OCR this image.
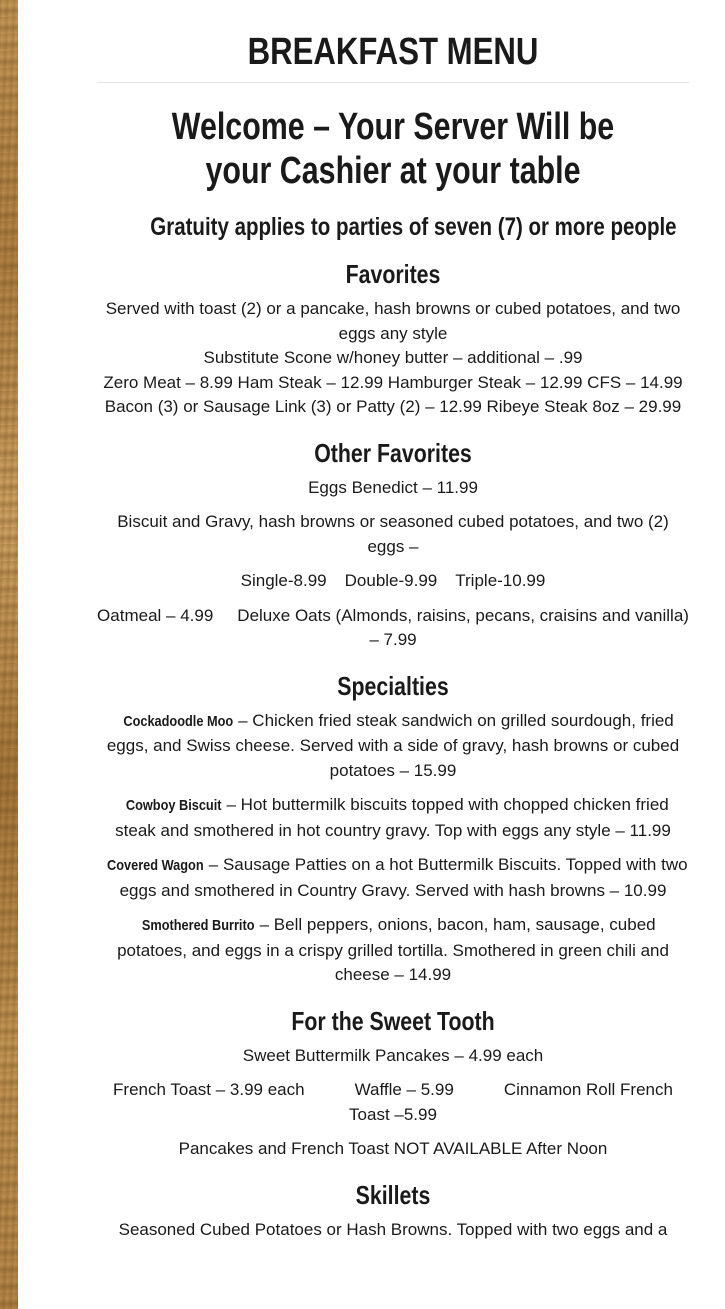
BREAKFAST MENU
Welcome – Your Server Will be your Cashier at your table
Gratuity applies to parties of seven (7) or more people
Favorites

Served with toast (2) or a pancake, hash browns or cubed potatoes, and two eggs any style

Substitute Scone w/honey butter – additional – .99

Zero Meat – 8.99 Ham Steak – 12.99 Hamburger Steak – 12.99 CFS – 14.99

Bacon (3) or Sausage Link (3) or Patty (2) – 12.99 Ribeye Steak 8oz – 29.99

Other Favorites

Eggs Benedict – 11.99

Biscuit and Gravy, hash browns or seasoned cubed potatoes, and two (2) eggs –

Single-8.99 Double-9.99 Triple-10.99

Oatmeal – 4.99 Deluxe Oats (Almonds, raisins, pecans, craisins and vanilla) – 7.99

Specialties

Cockadoodle Moo – Chicken fried steak sandwich on grilled sourdough, fried eggs, and Swiss cheese. Served with a side of gravy, hash browns or cubed potatoes – 15.99

Cowboy Biscuit – Hot buttermilk biscuits topped with chopped chicken fried steak and smothered in hot country gravy. Top with eggs any style – 11.99

Covered Wagon – Sausage Patties on a hot Buttermilk Biscuits. Topped with two eggs and smothered in Country Gravy. Served with hash browns – 10.99

Smothered Burrito – Bell peppers, onions, bacon, ham, sausage, cubed potatoes, and eggs in a crispy grilled tortilla. Smothered in green chili and cheese – 14.99

For the Sweet Tooth

Sweet Buttermilk Pancakes – 4.99 each

French Toast – 3.99 each	Waffle – 5.99	Cinnamon Roll French Toast –5.99

Pancakes and French Toast NOT AVAILABLE After Noon

Skillets

Seasoned Cubed Potatoes or Hash Browns. Topped with two eggs and a
